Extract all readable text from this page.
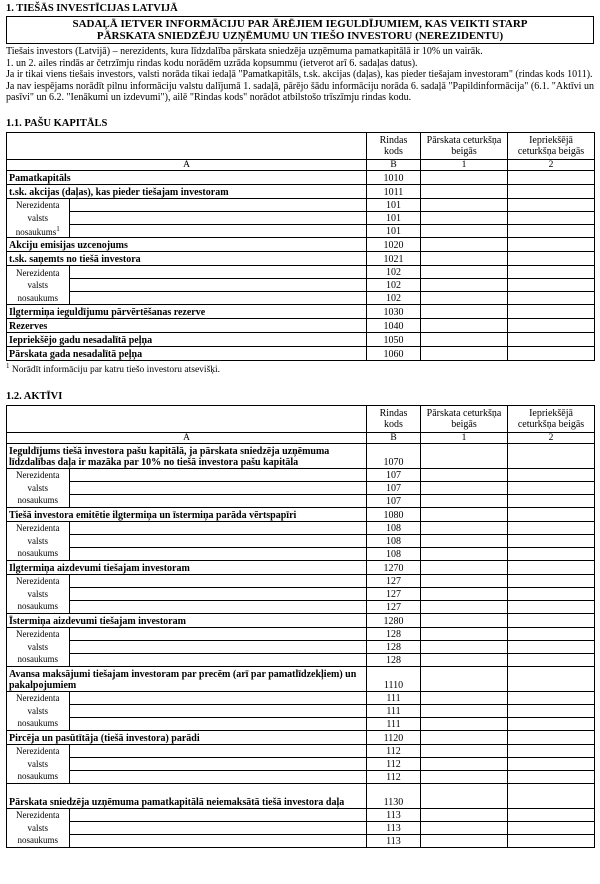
1. TIEŠĀS INVESTĪCIJAS LATVIJĀ
SADAĻĀ IETVER INFORMĀCIJU PAR ĀRĒJIEM IEGULDĪJUMIEM, KAS VEIKTI STARP
PĀRSKATA SNIEDZĒJU UZŅĒMUMU UN TIEŠO INVESTORU (NEREZIDENTU)
Tiešais investors (Latvijā) – nerezidents, kura līdzdalība pārskata sniedzēja uzņēmuma pamatkapitālā ir 10% un vairāk.
1. un 2. ailes rindās ar četrzīmju rindas kodu norādēm uzrāda kopsummu (ietverot arī 6. sadaļas datus).
Ja ir tikai viens tiešais investors, valsti norāda tikai iedaļā "Pamatkapitāls, t.sk. akcijas (daļas), kas pieder tiešajam investoram" (rindas kods 1011).
Ja nav iespējams norādīt pilnu informāciju valstu dalījumā 1. sadaļā, pārējo šādu informāciju norāda 6. sadaļā "Papildinformācija" (6.1. "Aktīvi un pasīvi" un 6.2. "Ienākumi un izdevumi"), ailē "Rindas kods" norādot atbilstošo trīszīmju rindas kodu.
1.1. PAŠU KAPITĀLS
	Rindas kods	Pārskata ceturkšņa beigās	Iepriekšējā ceturkšņa beigās
A	B	1	2
Pamatkapitāls	1010		
t.sk. akcijas (daļas), kas pieder tiešajam investoram	1011		

Nerezidenta	
valsts	
nosaukums$^1$	
	101		
101		
101		
Akciju emisijas uzcenojums	1020		
t.sk. saņemts no tiešā investora	1021		

Nerezidenta	
valsts	
nosaukums	
	102		
102		
102		
Ilgtermiņa ieguldījumu pārvērtēšanas rezerve	1030		
Rezerves	1040		
Iepriekšējo gadu nesadalītā peļņa	1050		
Pārskata gada nesadalītā peļņa	1060		
$^1$ Norādīt informāciju par katru tiešo investoru atsevišķi.
1.2. AKTĪVI
	Rindas kods	Pārskata ceturkšņa beigās	Iepriekšējā ceturkšņa beigās
A	B	1	2
Ieguldījums tiešā investora pašu kapitālā, ja pārskata sniedzēja uzņēmuma līdzdalības daļa ir mazāka par 10% no tiešā investora pašu kapitāla	1070		

Nerezidenta	
valsts	
nosaukums	
	107		
107		
107		
Tiešā investora emitētie ilgtermiņa un īstermiņa parāda vērtspapīri	1080		

Nerezidenta	
valsts	
nosaukums	
	108		
108		
108		
Ilgtermiņa aizdevumi tiešajam investoram	1270		

Nerezidenta	
valsts	
nosaukums	
	127		
127		
127		
Īstermiņa aizdevumi tiešajam investoram	1280		

Nerezidenta	
valsts	
nosaukums	
	128		
128		
128		
Avansa maksājumi tiešajam investoram par precēm (arī par pamatlīdzekļiem) un pakalpojumiem	1110		

Nerezidenta	
valsts	
nosaukums	
	111		
111		
111		
Pircēja un pasūtītāja (tiešā investora) parādi	1120		

Nerezidenta	
valsts	
nosaukums	
	112		
112		
112		
Pārskata sniedzēja uzņēmuma pamatkapitālā neiemaksātā tiešā investora daļa	1130		

Nerezidenta	
valsts	
nosaukums	
	113		
113		
113		
